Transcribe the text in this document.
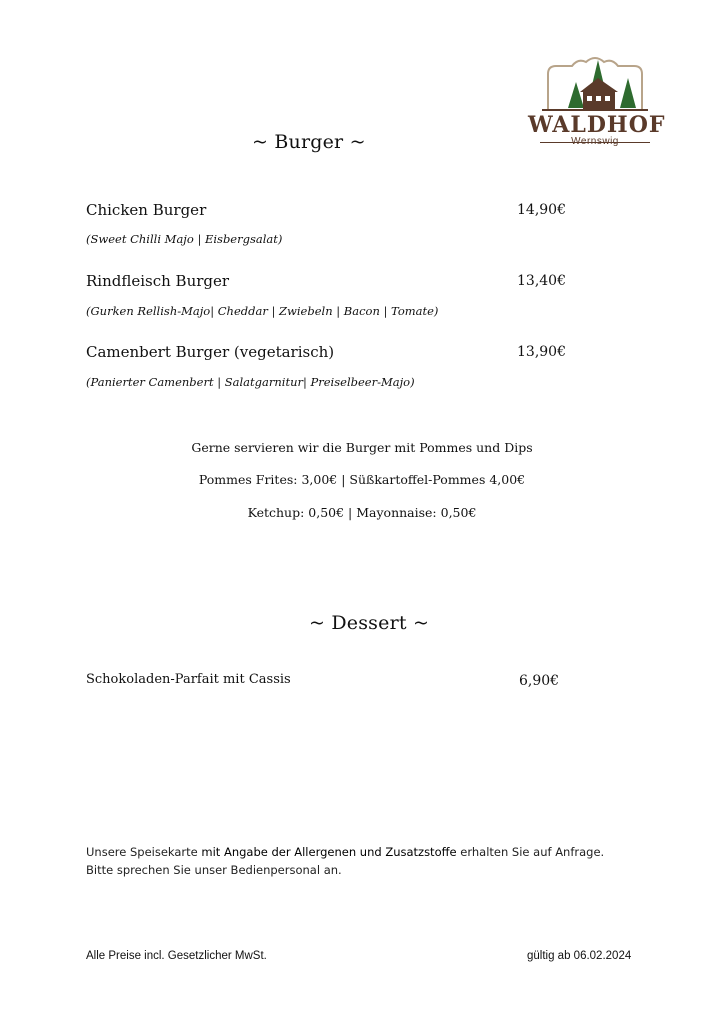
WALDHOF
Wernswig
~ Burger ~
Chicken Burger	14,90€
(Sweet Chilli Majo | Eisbergsalat)
Rindfleisch Burger	13,40€
(Gurken Rellish-Majo| Cheddar | Zwiebeln | Bacon | Tomate)
Camenbert Burger (vegetarisch)	13,90€
(Panierter Camenbert | Salatgarnitur| Preiselbeer-Majo)
Gerne servieren wir die Burger mit Pommes und Dips
Pommes Frites: 3,00€ | Süßkartoffel-Pommes 4,00€
Ketchup: 0,50€ | Mayonnaise: 0,50€
~ Dessert ~
Schokoladen-Parfait mit Cassis	6,90€
Unsere Speisekarte mit Angabe der Allergenen und Zusatzstoffe erhalten Sie auf Anfrage.
Bitte sprechen Sie unser Bedienpersonal an.
Alle Preise incl. Gesetzlicher MwSt.	gültig ab 06.02.2024
